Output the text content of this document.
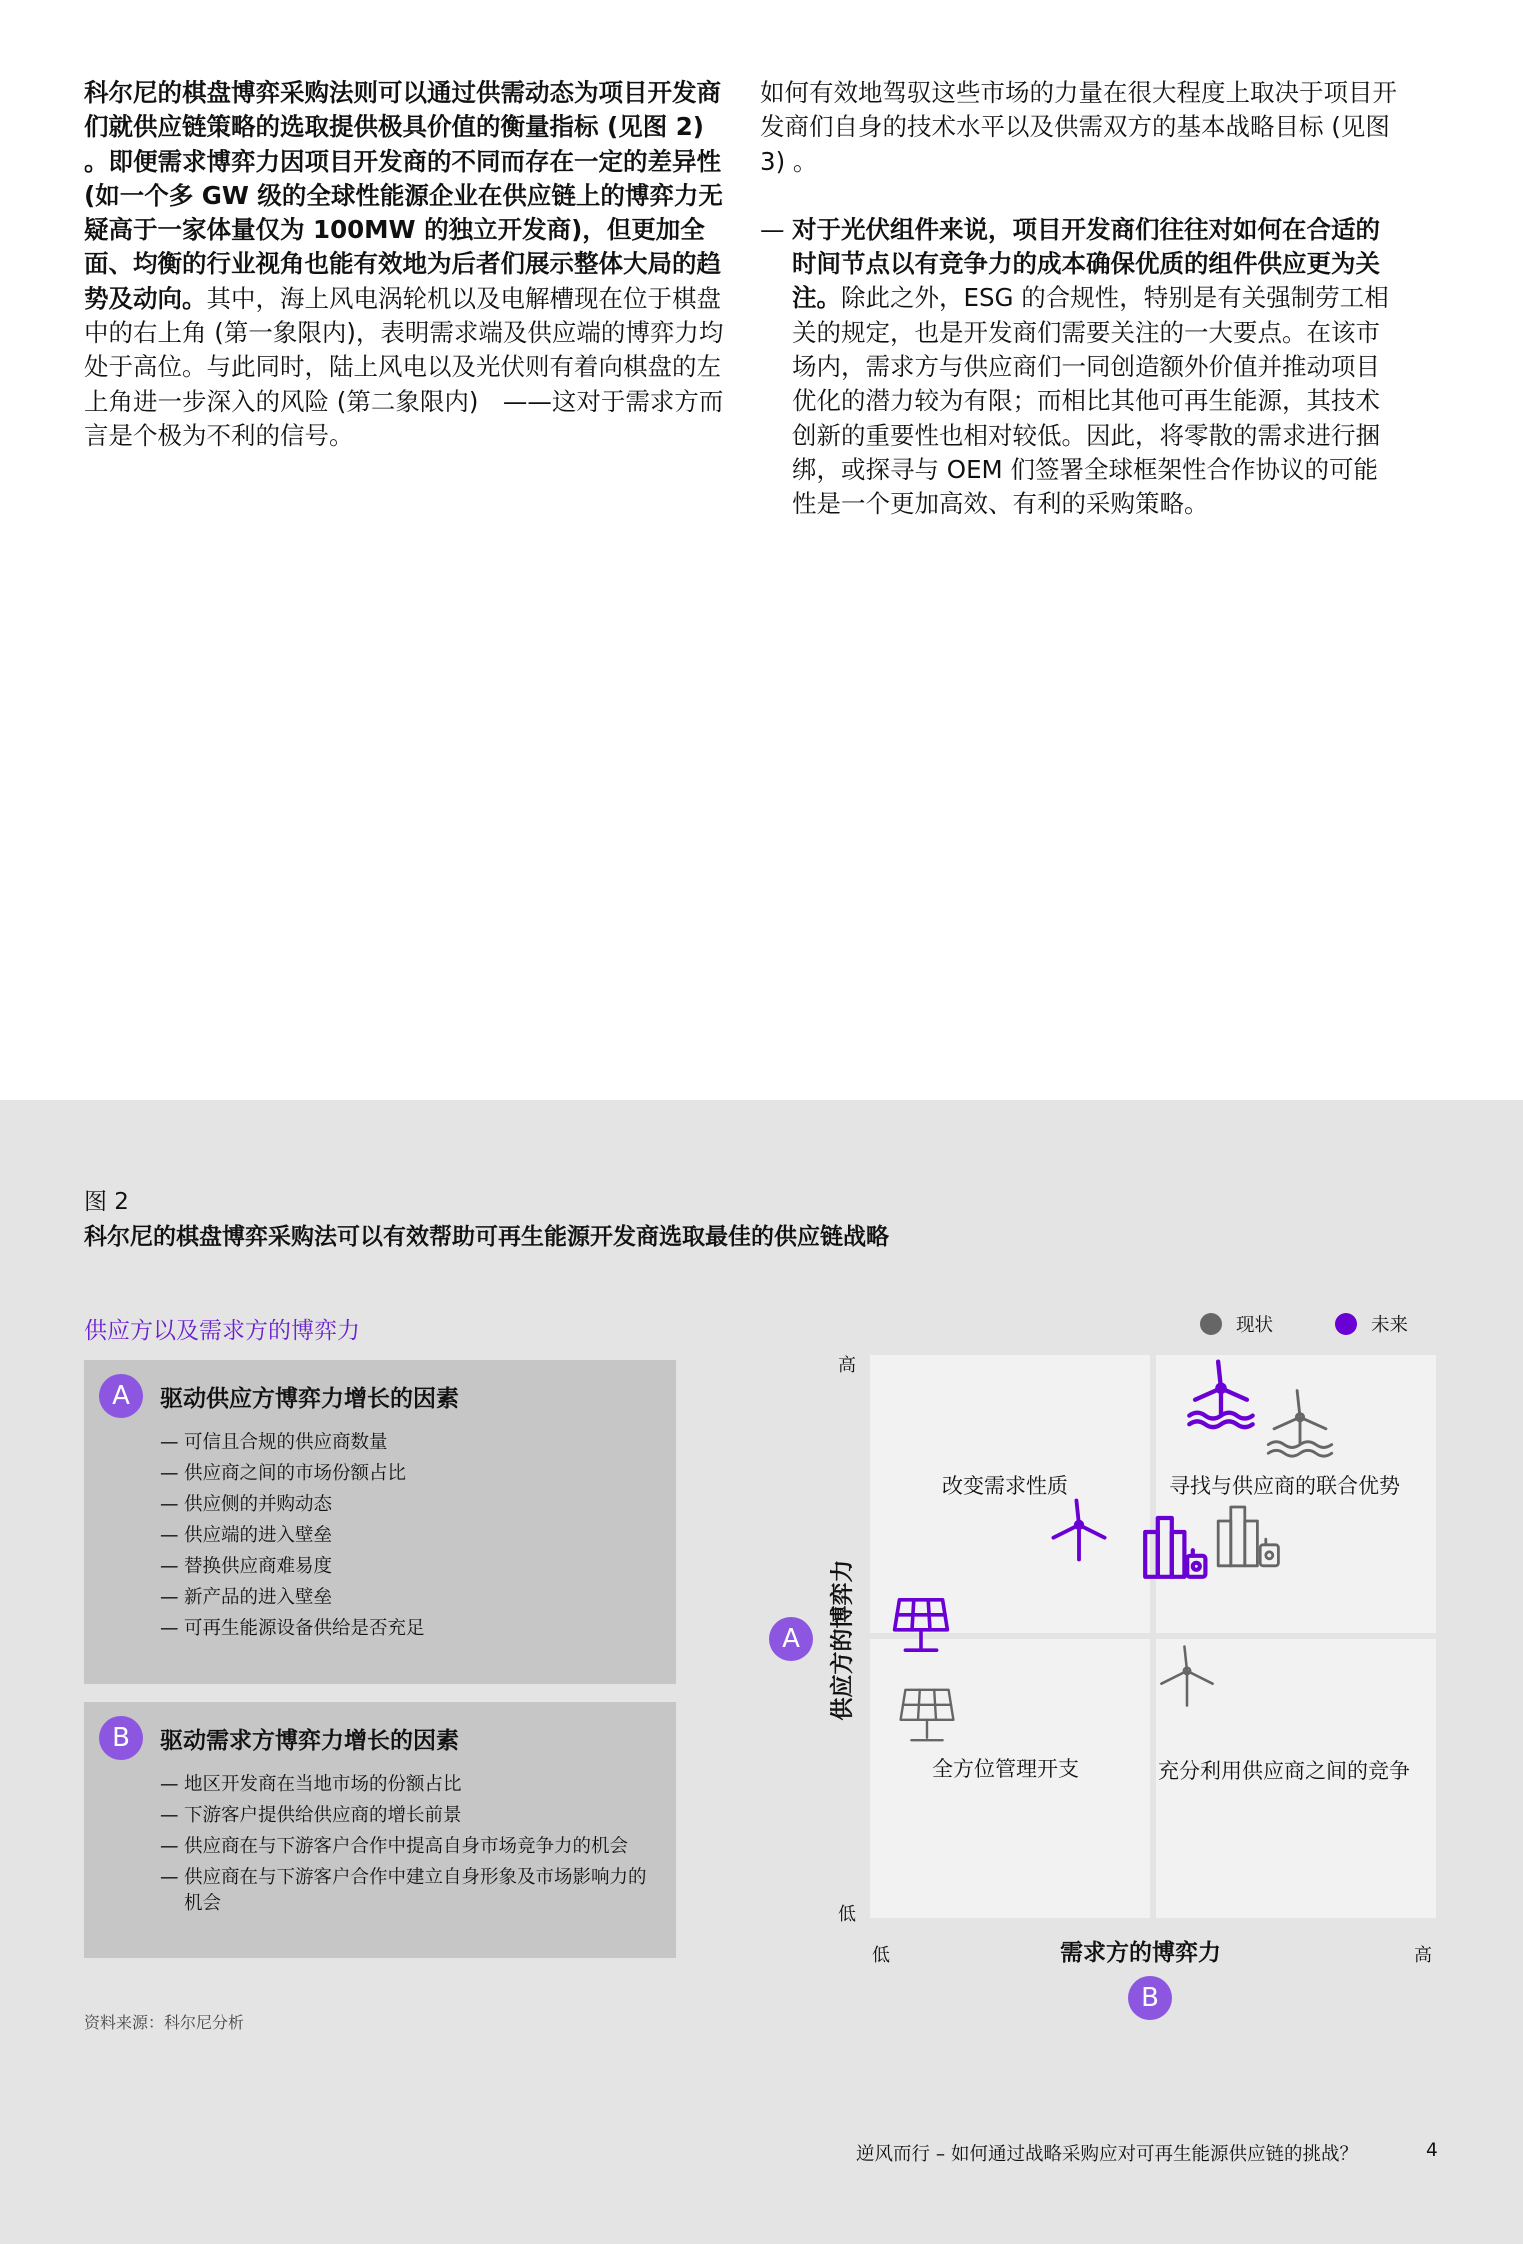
科尔尼的棋盘博弈采购法则可以通过供需动态为项目开发商们就供应链策略的选取提供极具价值的衡量指标 (见图 2) 。即便需求博弈力因项目开发商的不同而存在一定的差异性 (如一个多 GW 级的全球性能源企业在供应链上的博弈力无疑高于一家体量仅为 100MW 的独立开发商)，但更加全面、均衡的行业视角也能有效地为后者们展示整体大局的趋势及动向。其中，海上风电涡轮机以及电解槽现在位于棋盘中的右上角 (第一象限内)，表明需求端及供应端的博弈力均处于高位。与此同时，陆上风电以及光伏则有着向棋盘的左上角进一步深入的风险 (第二象限内)　——这对于需求方而言是个极为不利的信号。
如何有效地驾驭这些市场的力量在很大程度上取决于项目开发商们自身的技术水平以及供需双方的基本战略目标 (见图 3) 。
— 对于光伏组件来说，项目开发商们往往对如何在合适的时间节点以有竞争力的成本确保优质的组件供应更为关注。除此之外，ESG 的合规性，特别是有关强制劳工相关的规定，也是开发商们需要关注的一大要点。在该市场内，需求方与供应商们一同创造额外价值并推动项目优化的潜力较为有限；而相比其他可再生能源，其技术创新的重要性也相对较低。因此，将零散的需求进行捆绑，或探寻与 OEM 们签署全球框架性合作协议的可能性是一个更加高效、有利的采购策略。
图 2
科尔尼的棋盘博弈采购法可以有效帮助可再生能源开发商选取最佳的供应链战略
供应方以及需求方的博弈力
A	驱动供应方博弈力增长的因素
— 可信且合规的供应商数量
— 供应商之间的市场份额占比
— 供应侧的并购动态
— 供应端的进入壁垒
— 替换供应商难易度
— 新产品的进入壁垒
— 可再生能源设备供给是否充足
B	驱动需求方博弈力增长的因素
— 地区开发商在当地市场的份额占比
— 下游客户提供给供应商的增长前景
— 供应商在与下游客户合作中提高自身市场竞争力的机会
— 供应商在与下游客户合作中建立自身形象及市场影响力的机会
现状	未来
改变需求性质	寻找与供应商的联合优势
全方位管理开支	充分利用供应商之间的竞争
高
低
低	高
需求方的博弈力
供应方的博弈力
A
B
资料来源：科尔尼分析
逆风而行 – 如何通过战略采购应对可再生能源供应链的挑战？	4
